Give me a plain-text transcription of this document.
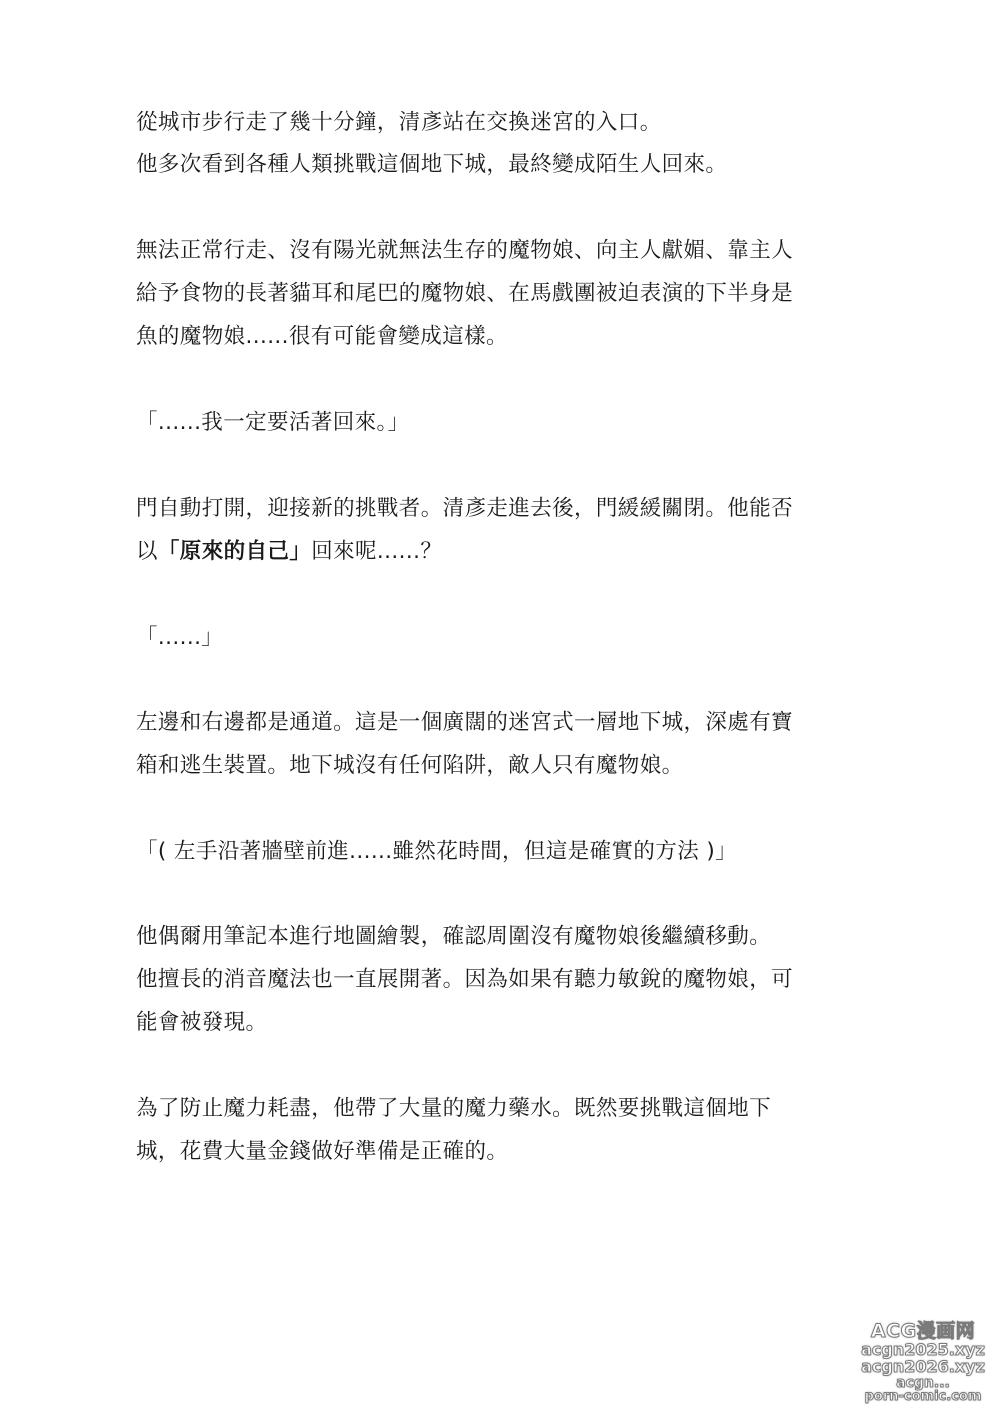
從城市步行走了幾十分鐘，清彥站在交換迷宮的入口。
他多次看到各種人類挑戰這個地下城，最終變成陌生人回來。
無法正常行走、沒有陽光就無法生存的魔物娘、向主人獻媚、靠主人
給予食物的長著貓耳和尾巴的魔物娘、在馬戲團被迫表演的下半身是
魚的魔物娘......很有可能會變成這樣。
「......我一定要活著回來。」
門自動打開，迎接新的挑戰者。清彥走進去後，門緩緩關閉。他能否
以「原來的自己」回來呢......？
「......」
左邊和右邊都是通道。這是一個廣闊的迷宮式一層地下城，深處有寶
箱和逃生裝置。地下城沒有任何陷阱，敵人只有魔物娘。
「( 左手沿著牆壁前進......雖然花時間，但這是確實的方法 )」
他偶爾用筆記本進行地圖繪製，確認周圍沒有魔物娘後繼續移動。
他擅長的消音魔法也一直展開著。因為如果有聽力敏銳的魔物娘，可
能會被發現。
為了防止魔力耗盡，他帶了大量的魔力藥水。既然要挑戰這個地下
城，花費大量金錢做好準備是正確的。
ACG漫画网
acgn2025.xyz
acgn2026.xyz
acgn...
porn-comic.com
